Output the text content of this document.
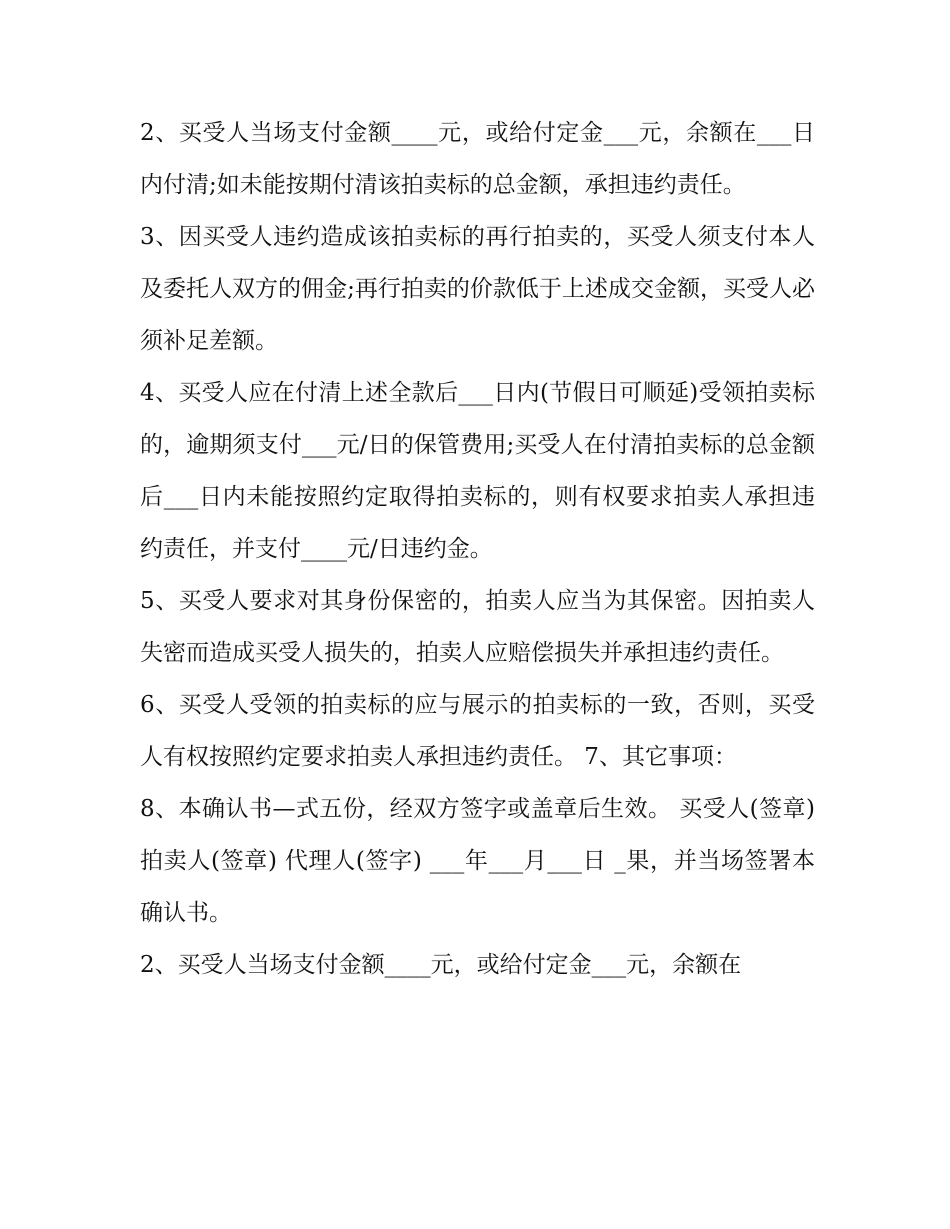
2、买受人当场支付金额____元，或给付定金___元，余额在___日内付清;如未能按期付清该拍卖标的总金额，承担违约责任。

3、因买受人违约造成该拍卖标的再行拍卖的，买受人须支付本人及委托人双方的佣金;再行拍卖的价款低于上述成交金额，买受人必须补足差额。

4、买受人应在付清上述全款后___日内(节假日可顺延)受领拍卖标的，逾期须支付___元/日的保管费用;买受人在付清拍卖标的总金额后___日内未能按照约定取得拍卖标的，则有权要求拍卖人承担违约责任，并支付____元/日违约金。

5、买受人要求对其身份保密的，拍卖人应当为其保密。因拍卖人失密而造成买受人损失的，拍卖人应赔偿损失并承担违约责任。

6、买受人受领的拍卖标的应与展示的拍卖标的一致，否则，买受人有权按照约定要求拍卖人承担违约责任。 7、其它事项：

8、本确认书—式五份，经双方签字或盖章后生效。 买受人(签章)拍卖人(签章) 代理人(签字) ___年___月___日 _果，并当场签署本确认书。

2、买受人当场支付金额____元，或给付定金___元，余额在
